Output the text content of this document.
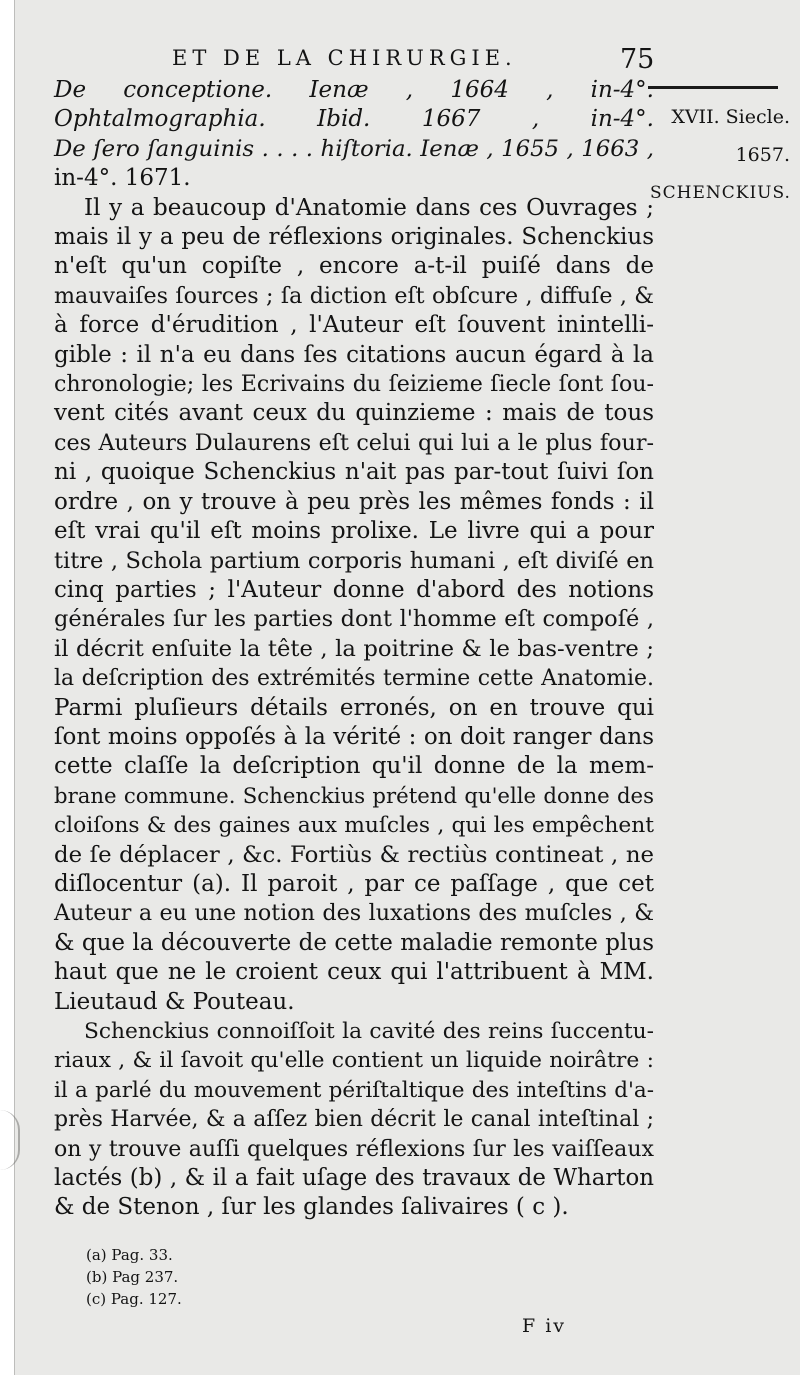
ET DE LA CHIRURGIE.	75
XVII. Siecle.
1657.
SCHENCKIUS.
De conceptione. Ienæ , 1664 , in-4°.
Ophtalmographia. Ibid. 1667 , in-4°.
De ſero ſanguinis . . . . hiſtoria. Ienæ , 1655 , 1663 ,
in-4°. 1671.
Il y a beaucoup d'Anatomie dans ces Ouvrages ;
mais il y a peu de réflexions originales. Schenckius
n'eſt qu'un copiſte , encore a-t-il puiſé dans de
mauvaiſes ſources ; ſa diction eſt obſcure , diffuſe , &
à force d'érudition , l'Auteur eſt ſouvent inintelli-
gible : il n'a eu dans ſes citations aucun égard à la
chronologie; les Ecrivains du ſeizieme ſiecle ſont ſou-
vent cités avant ceux du quinzieme : mais de tous
ces Auteurs Dulaurens eſt celui qui lui a le plus four-
ni , quoique Schenckius n'ait pas par-tout ſuivi ſon
ordre , on y trouve à peu près les mêmes fonds : il
eſt vrai qu'il eſt moins prolixe. Le livre qui a pour
titre , Schola partium corporis humani , eſt diviſé en
cinq parties ; l'Auteur donne d'abord des notions
générales ſur les parties dont l'homme eſt compoſé ,
il décrit enſuite la tête , la poitrine & le bas-ventre ;
la deſcription des extrémités termine cette Anatomie.
Parmi pluſieurs détails erronés, on en trouve qui
ſont moins oppoſés à la vérité : on doit ranger dans
cette claſſe la deſcription qu'il donne de la mem-
brane commune. Schenckius prétend qu'elle donne des
cloiſons & des gaines aux muſcles , qui les empêchent
de ſe déplacer , &c. Fortiùs & rectiùs contineat , ne
diſlocentur (a). Il paroit , par ce paſſage , que cet
Auteur a eu une notion des luxations des muſcles , &
& que la découverte de cette maladie remonte plus
haut que ne le croient ceux qui l'attribuent à MM.
Lieutaud & Pouteau.
Schenckius connoiſſoit la cavité des reins ſuccentu-
riaux , & il ſavoit qu'elle contient un liquide noirâtre :
il a parlé du mouvement périſtaltique des inteſtins d'a-
près Harvée, & a aſſez bien décrit le canal inteſtinal ;
on y trouve auſſi quelques réflexions ſur les vaiſſeaux
lactés (b) , & il a fait uſage des travaux de Wharton
& de Stenon , ſur les glandes ſalivaires ( c ).
(a) Pag. 33.
(b) Pag 237.
(c) Pag. 127.
F iv
